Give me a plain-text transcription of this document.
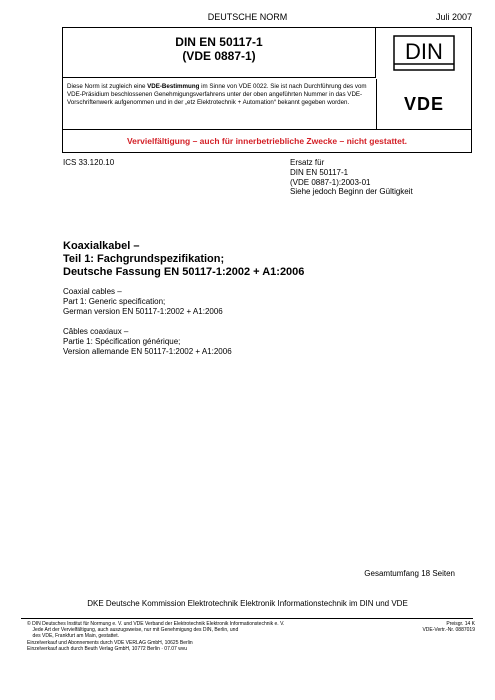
DEUTSCHE NORM	Juli 2007
DIN EN 50117-1
(VDE 0887-1)	DIN
VDE
Diese Norm ist zugleich eine VDE-Bestimmung im Sinne von VDE 0022. Sie ist nach Durchführung des vom VDE-Präsidium beschlossenen Genehmigungsverfahrens unter der oben angeführten Nummer in das VDE-Vorschriftenwerk aufgenommen und in der „etz Elektrotechnik + Automation“ bekannt gegeben worden.
Vervielfältigung – auch für innerbetriebliche Zwecke – nicht gestattet.
ICS 33.120.10	Ersatz für
DIN EN 50117-1
(VDE 0887-1):2003-01
Siehe jedoch Beginn der Gültigkeit
Koaxialkabel –
Teil 1: Fachgrundspezifikation;
Deutsche Fassung EN 50117-1:2002 + A1:2006
Coaxial cables –
Part 1: Generic specification;
German version EN 50117-1:2002 + A1:2006
Câbles coaxiaux –
Partie 1: Spécification générique;
Version allemande EN 50117-1:2002 + A1:2006
Gesamtumfang 18 Seiten
DKE Deutsche Kommission Elektrotechnik Elektronik Informationstechnik im DIN und VDE
© DIN Deutsches Institut für Normung e. V. und VDE Verband der Elektrotechnik Elektronik Informationstechnik e. V.
Jede Art der Vervielfältigung, auch auszugsweise, nur mit Genehmigung des DIN, Berlin, und
des VDE, Frankfurt am Main, gestattet.
Einzelverkauf und Abonnements durch VDE VERLAG GmbH, 10625 Berlin
Einzelverkauf auch durch Beuth Verlag GmbH, 10772 Berlin · 07.07 wvu
Preisgr. 14 K
VDE-Vertr.-Nr. 0887019
